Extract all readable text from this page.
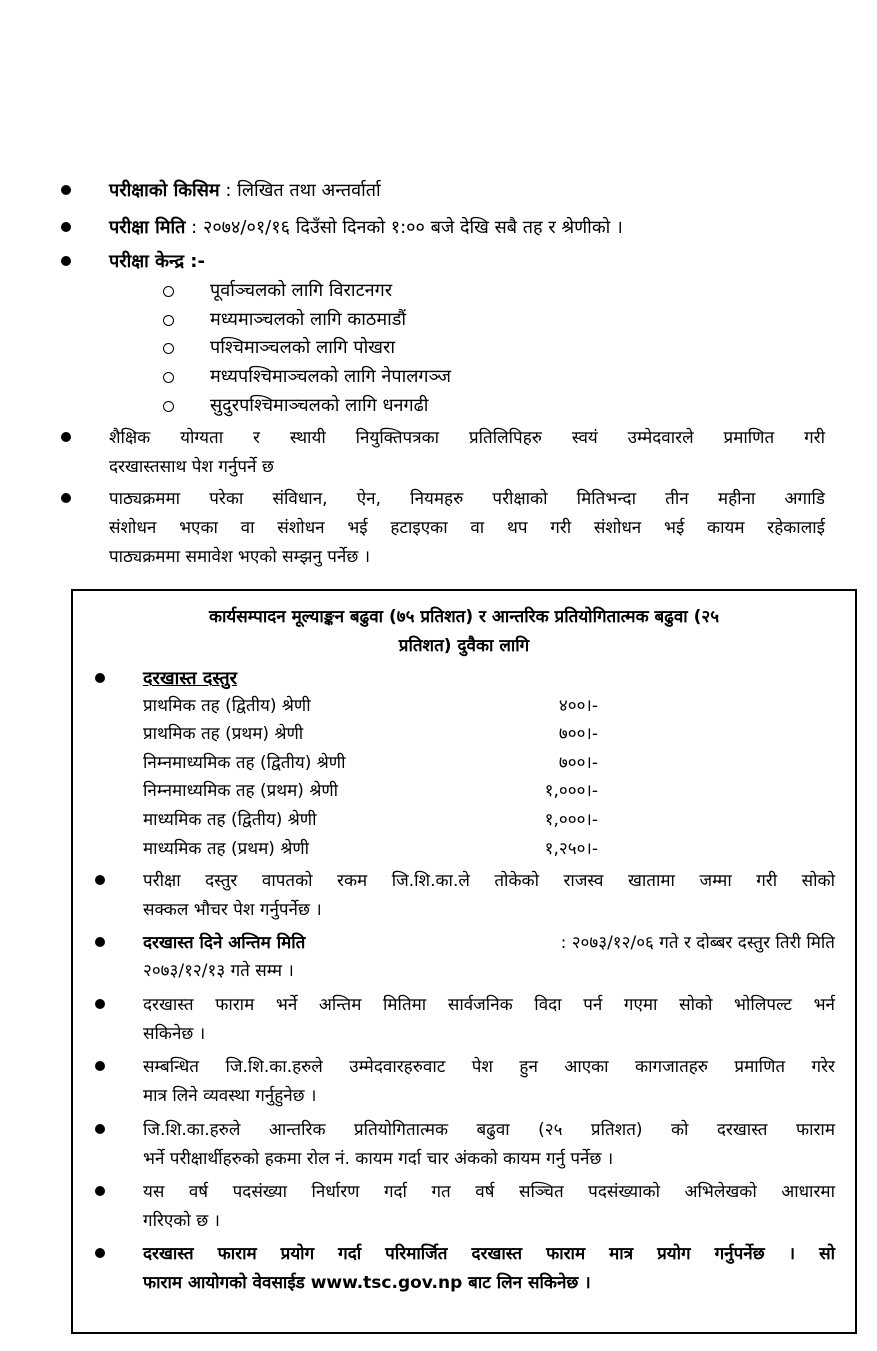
परीक्षाको किसिम : लिखित तथा अन्तर्वार्ता
परीक्षा मिति : २०७४/०१/१६ दिउँसो दिनको १:०० बजे देखि सबै तह र श्रेणीको ।
परीक्षा केन्द्र :-
पूर्वाञ्चलको लागि विराटनगर
मध्यमाञ्चलको लागि काठमाडौं
पश्चिमाञ्चलको लागि पोखरा
मध्यपश्चिमाञ्चलको लागि नेपालगञ्ज
सुदुरपश्चिमाञ्चलको लागि धनगढी
शैक्षिक योग्यता र स्थायी नियुक्तिपत्रका प्रतिलिपिहरु स्वयं उम्मेदवारले प्रमाणित गरी
दरखास्तसाथ पेश गर्नुपर्ने छ
पाठ्यक्रममा परेका संविधान, ऐन, नियमहरु परीक्षाको मितिभन्दा तीन महीना अगाडि
संशोधन भएका वा संशोधन भई हटाइएका वा थप गरी संशोधन भई कायम रहेकालाई
पाठ्यक्रममा समावेश भएको सम्झनु पर्नेछ ।
कार्यसम्पादन मूल्याङ्कन बढुवा (७५ प्रतिशत) र आन्तरिक प्रतियोगितात्मक बढुवा (२५
प्रतिशत) दुवैका लागि
दरखास्त दस्तुर
प्राथमिक तह (द्वितीय) श्रेणी	४००।-
प्राथमिक तह (प्रथम) श्रेणी	७००।-
निम्नमाध्यमिक तह (द्वितीय) श्रेणी	७००।-
निम्नमाध्यमिक तह (प्रथम) श्रेणी	१,०००।-
माध्यमिक तह (द्वितीय) श्रेणी	१,०००।-
माध्यमिक तह (प्रथम) श्रेणी	१,२५०।-
परीक्षा दस्तुर वापतको रकम जि.शि.का.ले तोकेको राजस्व खातामा जम्मा गरी सोको
सक्कल भौचर पेश गर्नुपर्नेछ ।
दरखास्त दिने अन्तिम मिति	: २०७३/१२/०६ गते र दोब्बर दस्तुर तिरी मिति
२०७३/१२/१३ गते सम्म ।
दरखास्त फाराम भर्ने अन्तिम मितिमा सार्वजनिक विदा पर्न गएमा सोको भोलिपल्ट भर्न
सकिनेछ ।
सम्बन्धित जि.शि.का.हरुले उम्मेदवारहरुवाट पेश हुन आएका कागजातहरु प्रमाणित गरेर
मात्र लिने व्यवस्था गर्नुहुनेछ ।
जि.शि.का.हरुले आन्तरिक प्रतियोगितात्मक बढुवा (२५ प्रतिशत) को दरखास्त फाराम
भर्ने परीक्षार्थीहरुको हकमा रोल नं. कायम गर्दा चार अंकको कायम गर्नु पर्नेछ ।
यस वर्ष पदसंख्या निर्धारण गर्दा गत वर्ष सञ्चित पदसंख्याको अभिलेखको आधारमा
गरिएको छ ।
दरखास्त फाराम प्रयोग गर्दा परिमार्जित दरखास्त फाराम मात्र प्रयोग गर्नुपर्नेछ । सो
फाराम आयोगको वेवसाईड www.tsc.gov.np बाट लिन सकिनेछ ।
